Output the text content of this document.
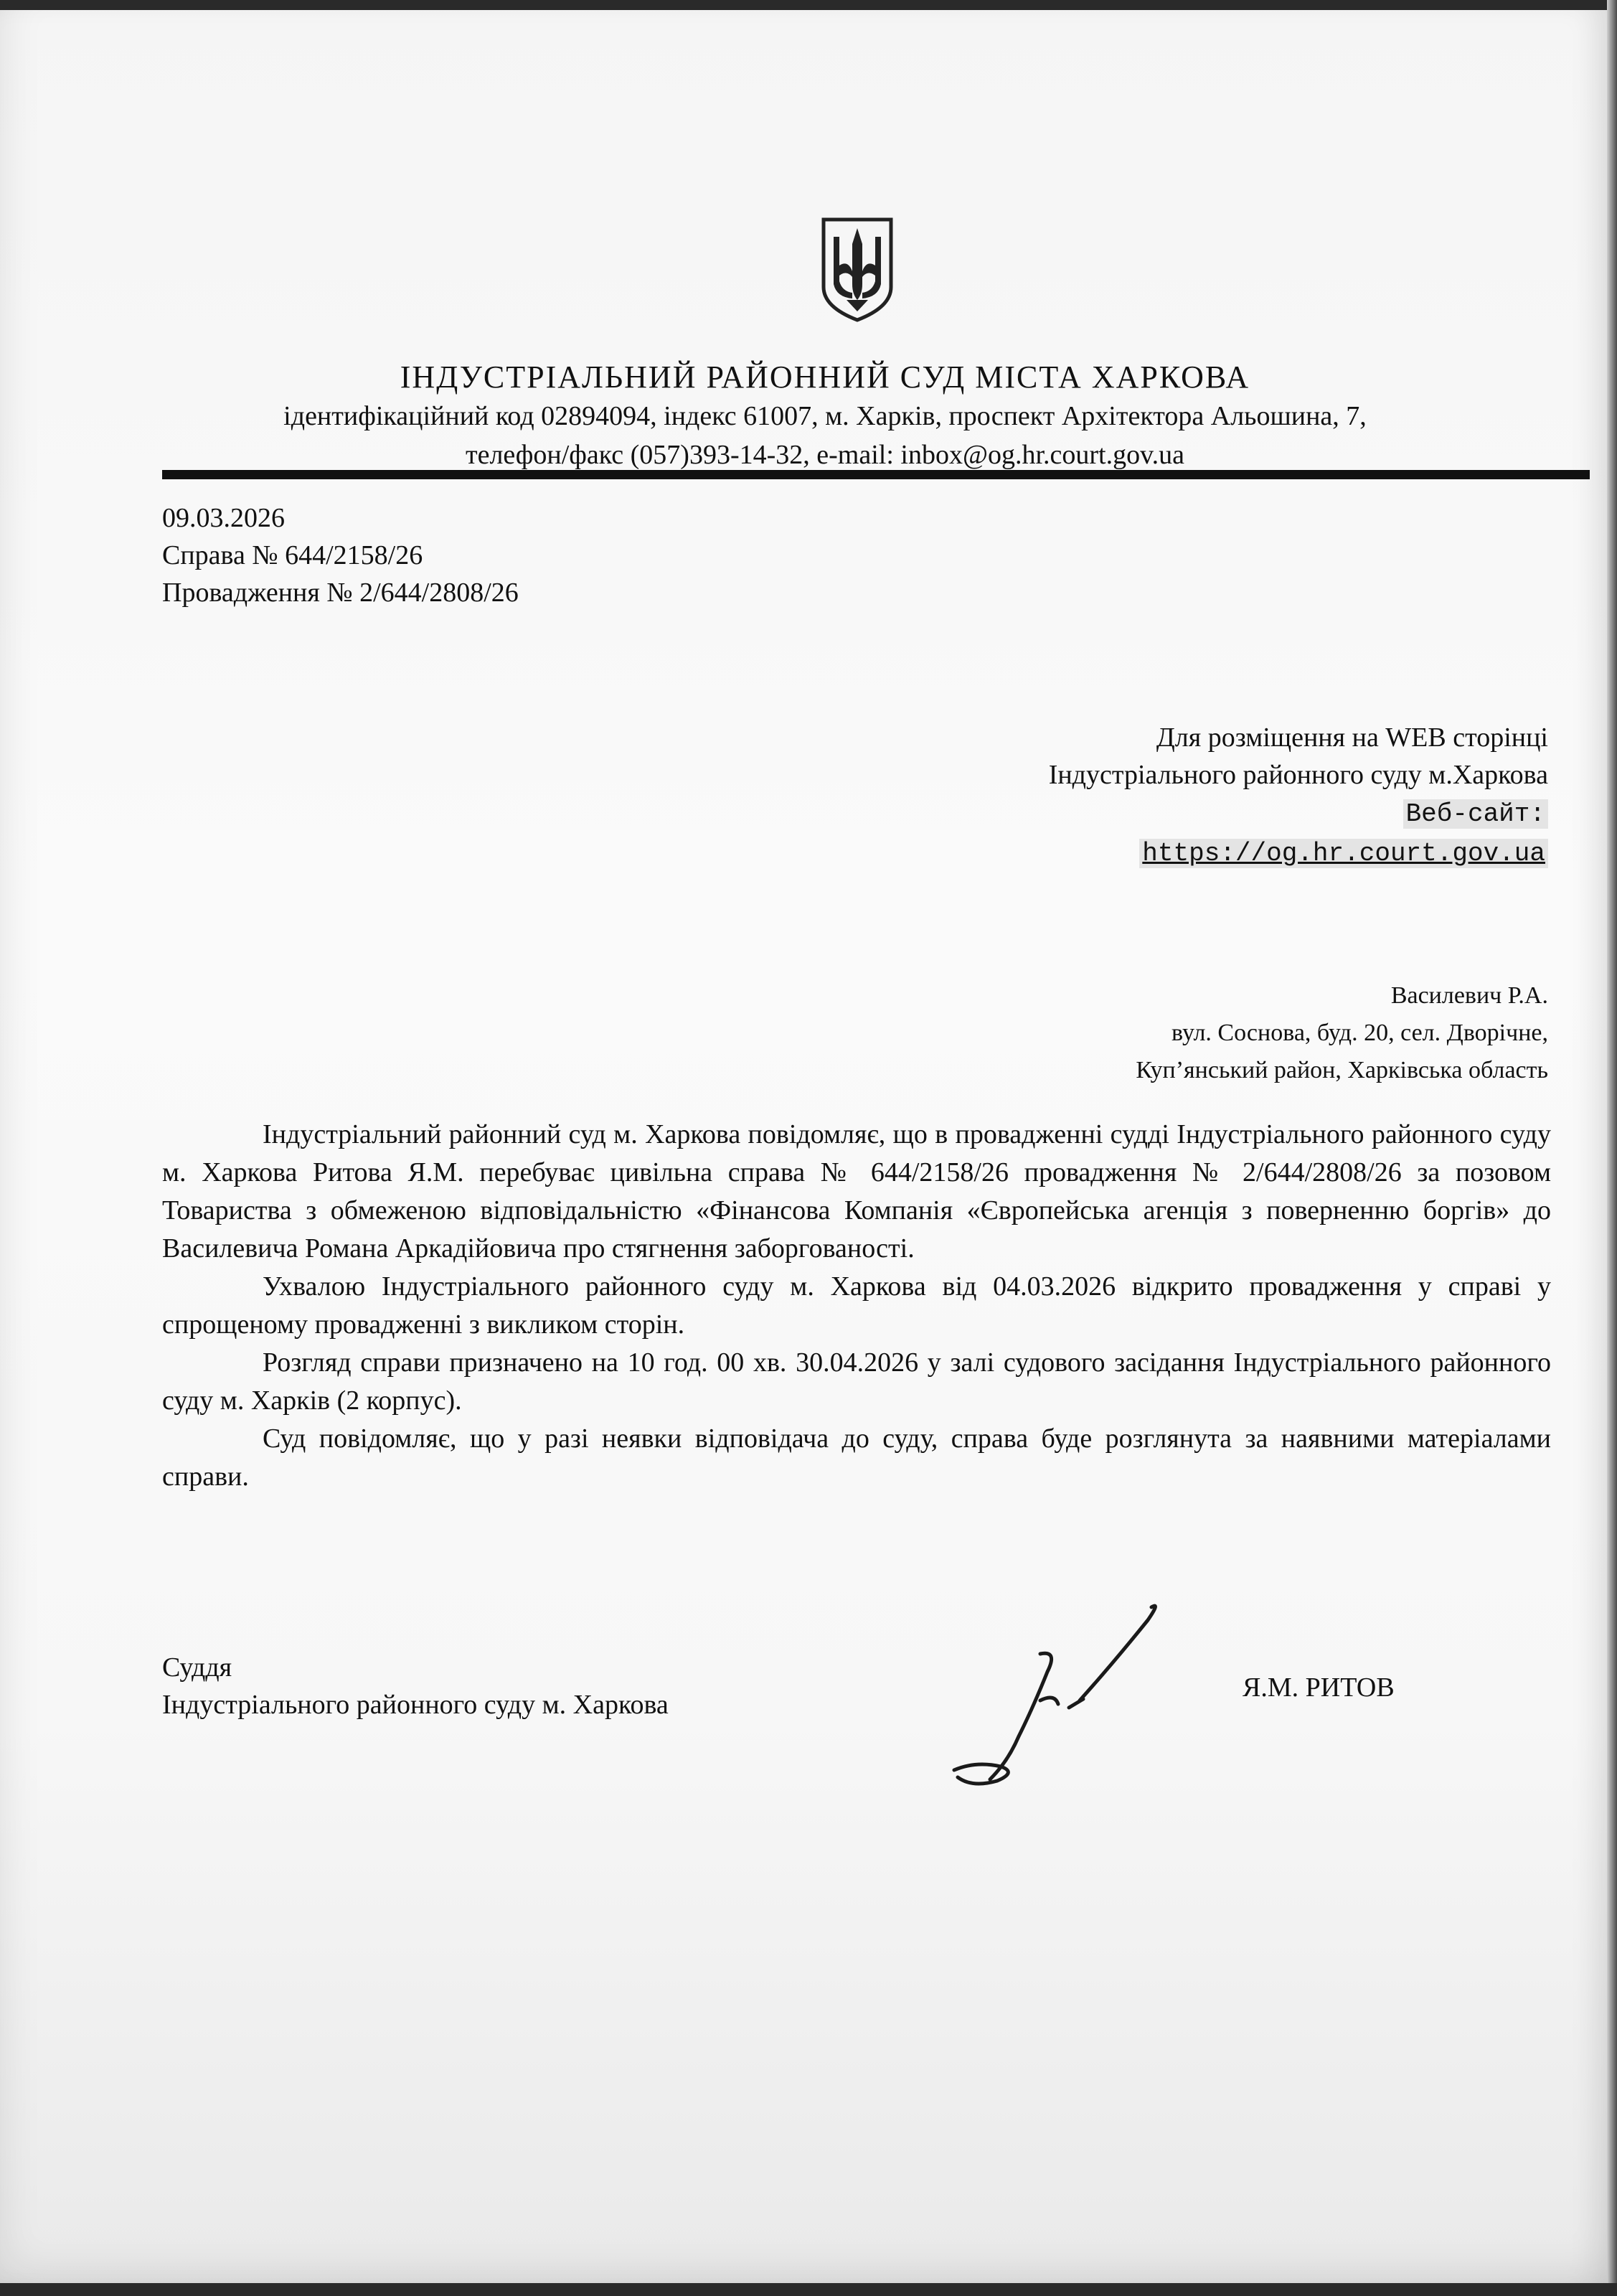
ІНДУСТРІАЛЬНИЙ РАЙОННИЙ СУД МІСТА ХАРКОВА
ідентифікаційний код 02894094, індекс 61007, м. Харків, проспект Архітектора Альошина, 7,
телефон/факс (057)393-14-32, e-mail: inbox@og.hr.court.gov.ua
09.03.2026
Справа № 644/2158/26
Провадження № 2/644/2808/26
Для розміщення на WEB сторінці
Індустріального районного суду м.Харкова
Веб-сайт:
https://og.hr.court.gov.ua
Василевич Р.А.
вул. Соснова, буд. 20, сел. Дворічне,
Куп’янський район, Харківська область

Індустріальний районний суд м. Харкова повідомляє, що в провадженні судді Індустріального районного суду м. Харкова Ритова Я.М. перебуває цивільна справа № 644/2158/26 провадження № 2/644/2808/26 за позовом Товариства з обмеженою відповідальністю «Фінансова Компанія «Європейська агенція з поверненню боргів» до Василевича Романа Аркадійовича про стягнення заборгованості.

Ухвалою Індустріального районного суду м. Харкова від 04.03.2026 відкрито провадження у справі у спрощеному провадженні з викликом сторін.

Розгляд справи призначено на 10 год. 00 хв. 30.04.2026 у залі судового засідання Індустріального районного суду м. Харків (2 корпус).

Суд повідомляє, що у разі неявки відповідача до суду, справа буде розглянута за наявними матеріалами справи.

Суддя
Індустріального районного суду м. Харкова
Я.М. РИТОВ
